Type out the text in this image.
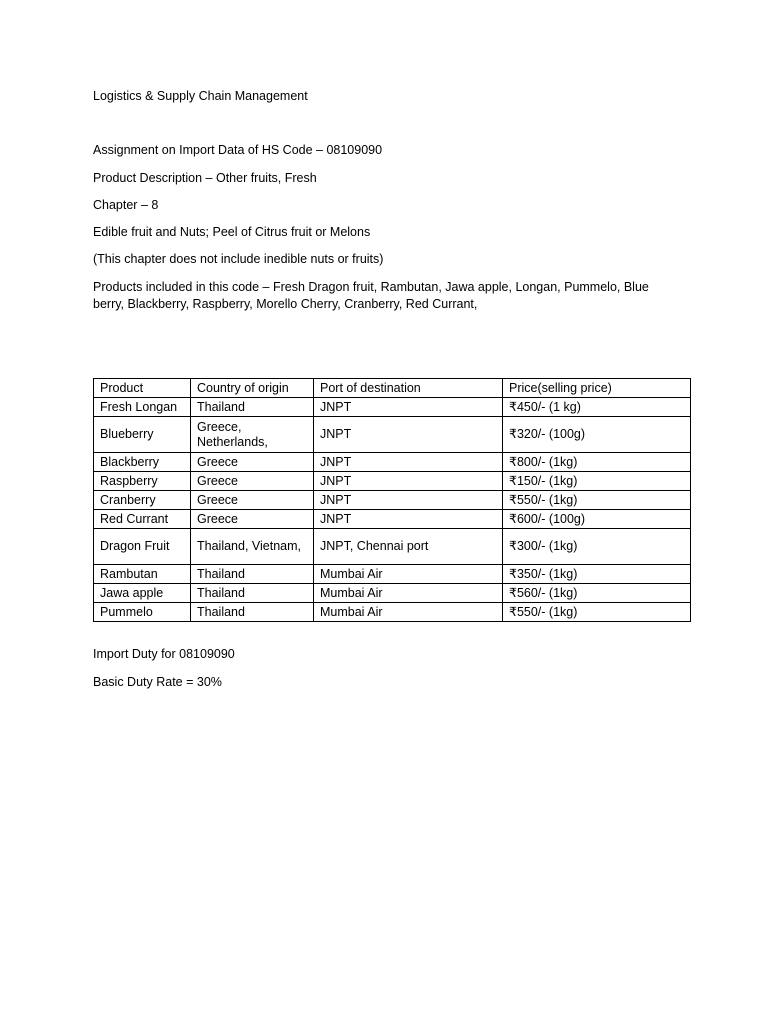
Logistics & Supply Chain Management
Assignment on Import Data of HS Code – 08109090
Product Description – Other fruits, Fresh
Chapter – 8
Edible fruit and Nuts; Peel of Citrus fruit or Melons
(This chapter does not include inedible nuts or fruits)
Products included in this code – Fresh Dragon fruit, Rambutan, Jawa apple, Longan, Pummelo, Blue berry, Blackberry, Raspberry, Morello Cherry, Cranberry, Red Currant,
Product	Country of origin	Port of destination	Price(selling price)
Fresh Longan	Thailand	JNPT	₹450/- (1 kg)
Blueberry	Greece, Netherlands,	JNPT	₹320/- (100g)
Blackberry	Greece	JNPT	₹800/- (1kg)
Raspberry	Greece	JNPT	₹150/- (1kg)
Cranberry	Greece	JNPT	₹550/- (1kg)
Red Currant	Greece	JNPT	₹600/- (100g)
Dragon Fruit	Thailand, Vietnam,	JNPT, Chennai port	₹300/- (1kg)
Rambutan	Thailand	Mumbai Air	₹350/- (1kg)
Jawa apple	Thailand	Mumbai Air	₹560/- (1kg)
Pummelo	Thailand	Mumbai Air	₹550/- (1kg)
Import Duty for 08109090
Basic Duty Rate = 30%
